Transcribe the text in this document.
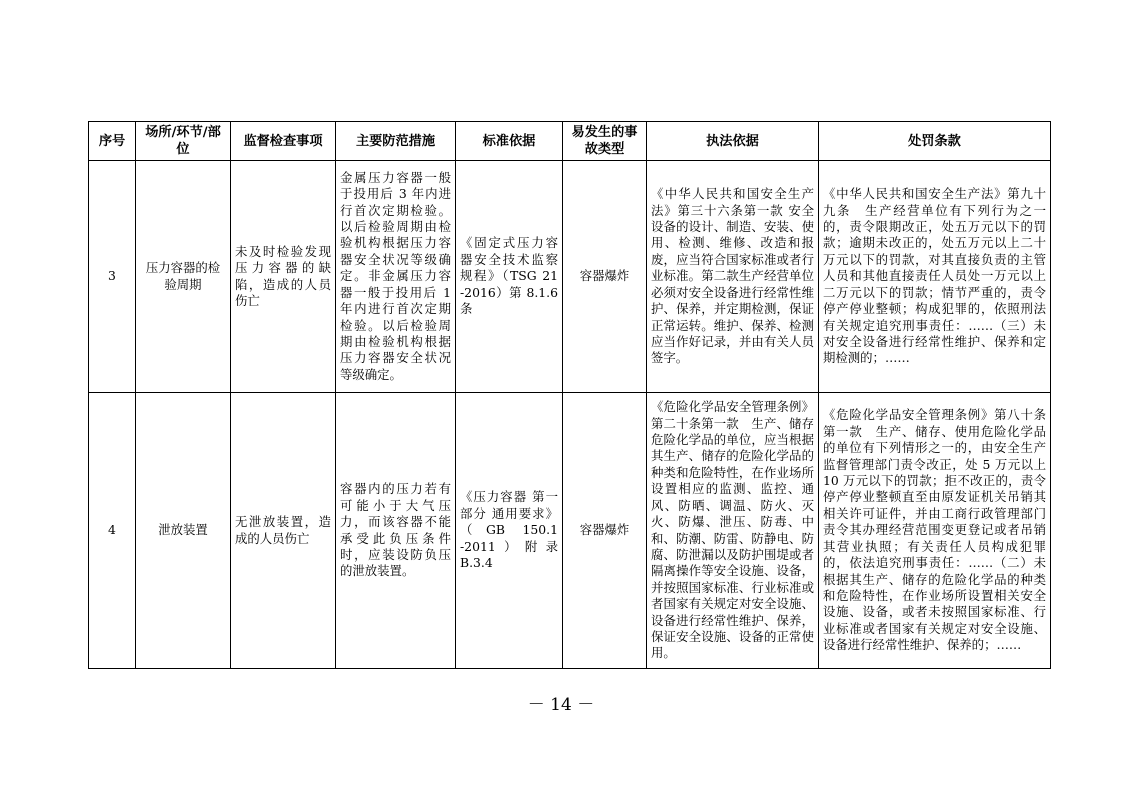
序号	场所/环节/部位	监督检查事项	主要防范措施	标准依据	易发生的事故类型	执法依据	处罚条款
3	压力容器的检验周期	未及时检验发现压力容器的缺陷，造成的人员伤亡	金属压力容器一般于投用后 3 年内进行首次定期检验。以后检验周期由检验机构根据压力容器安全状况等级确定。非金属压力容器一般于投用后 1 年内进行首次定期检验。以后检验周期由检验机构根据压力容器安全状况等级确定。	《固定式压力容器安全技术监察规程》（TSG 21 -2016）第 8.1.6 条	容器爆炸	《中华人民共和国安全生产法》第三十六条第一款 安全设备的设计、制造、安装、使用、检测、维修、改造和报废，应当符合国家标准或者行业标准。第二款生产经营单位必须对安全设备进行经常性维护、保养，并定期检测，保证正常运转。维护、保养、检测应当作好记录，并由有关人员签字。	《中华人民共和国安全生产法》第九十九条　生产经营单位有下列行为之一的，责令限期改正，处五万元以下的罚款；逾期未改正的，处五万元以上二十万元以下的罚款，对其直接负责的主管人员和其他直接责任人员处一万元以上二万元以下的罚款；情节严重的，责令停产停业整顿；构成犯罪的，依照刑法有关规定追究刑事责任：……（三）未对安全设备进行经常性维护、保养和定期检测的；……
4	泄放装置	无泄放装置，造成的人员伤亡	容器内的压力若有可能小于大气压力，而该容器不能承受此负压条件时，应装设防负压的泄放装置。	《压力容器 第一部分 通用要求》（GB 150.1 -2011）附录 B.3.4	容器爆炸	《危险化学品安全管理条例》第二十条第一款　生产、储存危险化学品的单位，应当根据其生产、储存的危险化学品的种类和危险特性，在作业场所设置相应的监测、监控、通风、防晒、调温、防火、灭火、防爆、泄压、防毒、中和、防潮、防雷、防静电、防腐、防泄漏以及防护围堤或者隔离操作等安全设施、设备，并按照国家标准、行业标准或者国家有关规定对安全设施、设备进行经常性维护、保养，保证安全设施、设备的正常使用。	《危险化学品安全管理条例》第八十条第一款　生产、储存、使用危险化学品的单位有下列情形之一的，由安全生产监督管理部门责令改正，处 5 万元以上 10 万元以下的罚款；拒不改正的，责令停产停业整顿直至由原发证机关吊销其相关许可证件，并由工商行政管理部门责令其办理经营范围变更登记或者吊销其营业执照；有关责任人员构成犯罪的，依法追究刑事责任：……（二）未根据其生产、储存的危险化学品的种类和危险特性，在作业场所设置相关安全设施、设备，或者未按照国家标准、行业标准或者国家有关规定对安全设施、设备进行经常性维护、保养的；……
－ 14 －
